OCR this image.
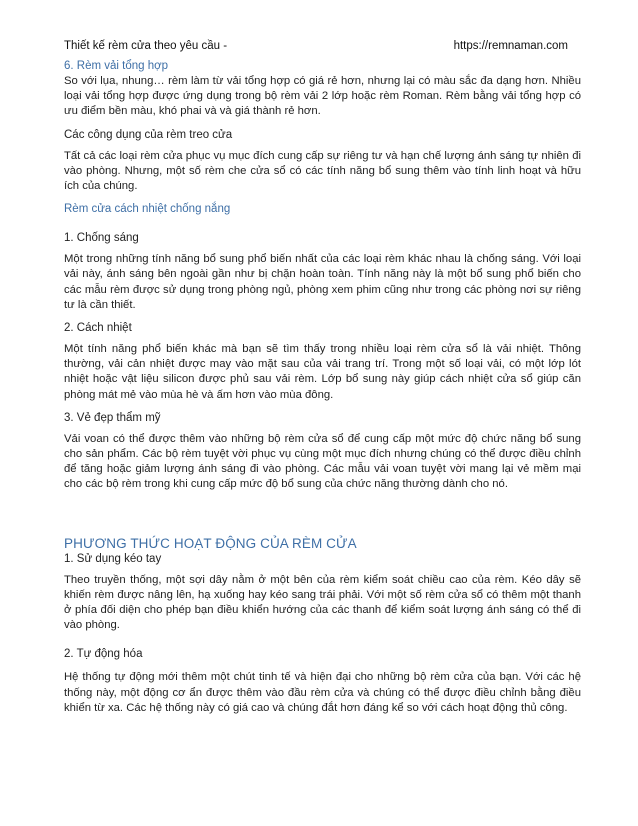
Thiết kế rèm cửa theo yêu cầu -	https://remnaman.com
6. Rèm vải tổng hợp

So với lụa, nhung… rèm làm từ vải tổng hợp có giá rẻ hơn, nhưng lại có màu sắc đa dạng hơn. Nhiều loại vải tổng hợp được ứng dụng trong bộ rèm vải 2 lớp hoặc rèm Roman. Rèm bằng vải tổng hợp có ưu điểm bền màu, khó phai và và giá thành rẻ hơn.

Các công dụng của rèm treo cửa

Tất cả các loại rèm cửa phục vụ mục đích cung cấp sự riêng tư và hạn chế lượng ánh sáng tự nhiên đi vào phòng. Nhưng, một số rèm che cửa sổ có các tính năng bổ sung thêm vào tính linh hoạt và hữu ích của chúng.

Rèm cửa cách nhiệt chống nắng
1. Chống sáng

Một trong những tính năng bổ sung phổ biến nhất của các loại rèm khác nhau là chống sáng. Với loại vải này, ánh sáng bên ngoài gần như bị chặn hoàn toàn. Tính năng này là một bổ sung phổ biến cho các mẫu rèm được sử dụng trong phòng ngủ, phòng xem phim cũng như trong các phòng nơi sự riêng tư là cần thiết.

2. Cách nhiệt

Một tính năng phổ biến khác mà bạn sẽ tìm thấy trong nhiều loại rèm cửa sổ là vải nhiệt. Thông thường, vải cản nhiệt được may vào mặt sau của vải trang trí. Trong một số loại vải, có một lớp lót nhiệt hoặc vật liệu silicon được phủ sau vải rèm. Lớp bổ sung này giúp cách nhiệt cửa sổ giúp căn phòng mát mẻ vào mùa hè và ấm hơn vào mùa đông.

3. Vẻ đẹp thẩm mỹ

Vải voan có thể được thêm vào những bộ rèm cửa sổ để cung cấp một mức độ chức năng bổ sung cho sản phẩm. Các bộ rèm tuyệt vời phục vụ cùng một mục đích nhưng chúng có thể được điều chỉnh để tăng hoặc giảm lượng ánh sáng đi vào phòng. Các mẫu vải voan tuyệt vời mang lại vẻ mềm mại cho các bộ rèm trong khi cung cấp mức độ bổ sung của chức năng thường dành cho nó.

PHƯƠNG THỨC HOẠT ĐỘNG CỦA RÈM CỬA
1. Sử dụng kéo tay

Theo truyền thống, một sợi dây nằm ở một bên của rèm kiểm soát chiều cao của rèm. Kéo dây sẽ khiến rèm được nâng lên, hạ xuống hay kéo sang trái phải. Với một số rèm cửa sổ có thêm một thanh ở phía đối diện cho phép bạn điều khiển hướng của các thanh để kiểm soát lượng ánh sáng có thể đi vào phòng.

2. Tự động hóa

Hệ thống tự động mới thêm một chút tinh tế và hiện đại cho những bộ rèm cửa của bạn. Với các hệ thống này, một động cơ ẩn được thêm vào đầu rèm cửa và chúng có thể được điều chỉnh bằng điều khiển từ xa. Các hệ thống này có giá cao và chúng đắt hơn đáng kể so với cách hoạt động thủ công.
